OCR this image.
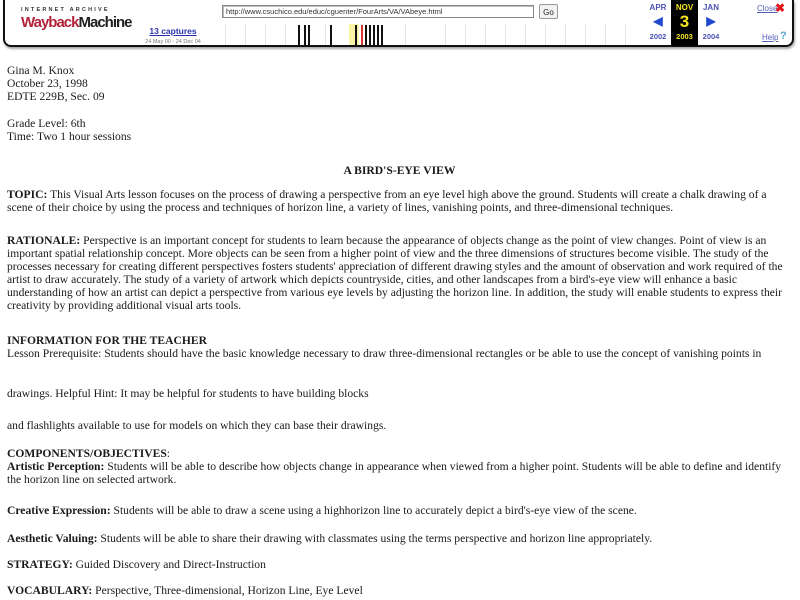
INTERNET ARCHIVE
WaybackMachine	13 captures
24 May 00 - 24 Dec 04
http://www.csuchico.edu/educ/cguenter/FourArts/VA/VAbeye.html	Go
APR
◀
2002
NOV
3
2003
JAN
▶
2004
Close
✖
Help ?
Gina M. Knox
October 23, 1998
EDTE 229B, Sec. 09
Grade Level: 6th
Time: Two 1 hour sessions
A BIRD'S-EYE VIEW

TOPIC: This Visual Arts lesson focuses on the process of drawing a perspective from an eye level high above the ground. Students will create a chalk drawing of a scene of their choice by using the process and techniques of horizon line, a variety of lines, vanishing points, and three-dimensional techniques.

RATIONALE: Perspective is an important concept for students to learn because the appearance of objects change as the point of view changes. Point of view is an important spatial relationship concept. More objects can be seen from a higher point of view and the three dimensions of structures become visible. The study of the processes necessary for creating different perspectives fosters students' appreciation of different drawing styles and the amount of observation and work required of the artist to draw accurately. The study of a variety of artwork which depicts countryside, cities, and other landscapes from a bird's-eye view will enhance a basic understanding of how an artist can depict a perspective from various eye levels by adjusting the horizon line. In addition, the study will enable students to express their creativity by providing additional visual arts tools.

INFORMATION FOR THE TEACHER

Lesson Prerequisite: Students should have the basic knowledge necessary to draw three-dimensional rectangles or be able to use the concept of vanishing points in

drawings. Helpful Hint: It may be helpful for students to have building blocks

and flashlights available to use for models on which they can base their drawings.

COMPONENTS/OBJECTIVES:

Artistic Perception: Students will be able to describe how objects change in appearance when viewed from a higher point. Students will be able to define and identify the horizon line on selected artwork.

Creative Expression: Students will be able to draw a scene using a highhorizon line to accurately depict a bird's-eye view of the scene.

Aesthetic Valuing: Students will be able to share their drawing with classmates using the terms perspective and horizon line appropriately.

STRATEGY: Guided Discovery and Direct-Instruction

VOCABULARY: Perspective, Three-dimensional, Horizon Line, Eye Level
